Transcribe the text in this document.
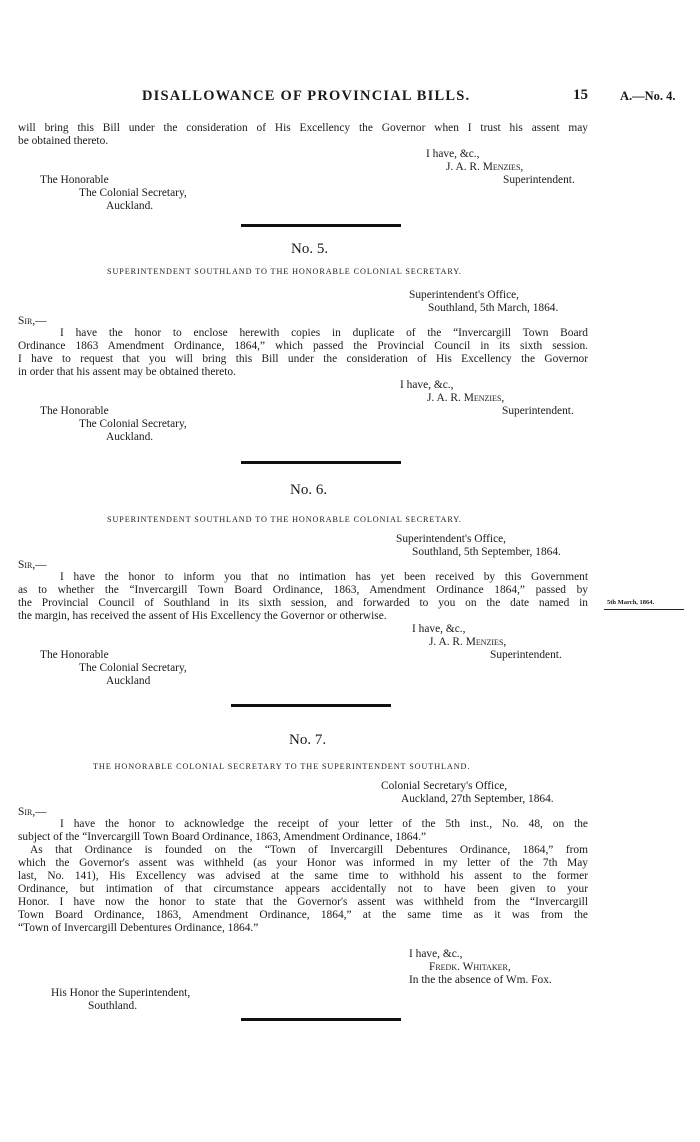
DISALLOWANCE OF PROVINCIAL BILLS.	15	A.—No. 4.
will bring this Bill under the consideration of His Excellency the Governor when I trust his assent may
be obtained thereto.
I have, &c.,
J. A. R. Menzies,
Superintendent.
The Honorable
The Colonial Secretary,
Auckland.
No. 5.
SUPERINTENDENT SOUTHLAND TO THE HONORABLE COLONIAL SECRETARY.
Superintendent's Office,
Southland, 5th March, 1864.
Sir,—
I have the honor to enclose herewith copies in duplicate of the “Invercargill Town Board
Ordinance 1863 Amendment Ordinance, 1864,” which passed the Provincial Council in its sixth session.
I have to request that you will bring this Bill under the consideration of His Excellency the Governor
in order that his assent may be obtained thereto.
I have, &c.,
J. A. R. Menzies,
Superintendent.
The Honorable
The Colonial Secretary,
Auckland.
No. 6.
SUPERINTENDENT SOUTHLAND TO THE HONORABLE COLONIAL SECRETARY.
Superintendent's Office,
Southland, 5th September, 1864.
Sir,—
I have the honor to inform you that no intimation has yet been received by this Government
as to whether the “Invercargill Town Board Ordinance, 1863, Amendment Ordinance 1864,” passed by
the Provincial Council of Southland in its sixth session, and forwarded to you on the date named in
the margin, has received the assent of His Excellency the Governor or otherwise.
5th March, 1864.
I have, &c.,
J. A. R. Menzies,
Superintendent.
The Honorable
The Colonial Secretary,
Auckland
No. 7.
THE HONORABLE COLONIAL SECRETARY TO THE SUPERINTENDENT SOUTHLAND.
Colonial Secretary's Office,
Auckland, 27th September, 1864.
Sir,—
I have the honor to acknowledge the receipt of your letter of the 5th inst., No. 48, on the
subject of the “Invercargill Town Board Ordinance, 1863, Amendment Ordinance, 1864.”
As that Ordinance is founded on the “Town of Invercargill Debentures Ordinance, 1864,” from
which the Governor's assent was withheld (as your Honor was informed in my letter of the 7th May
last, No. 141), His Excellency was advised at the same time to withhold his assent to the former
Ordinance, but intimation of that circumstance appears accidentally not to have been given to your
Honor. I have now the honor to state that the Governor's assent was withheld from the “Invercargill
Town Board Ordinance, 1863, Amendment Ordinance, 1864,” at the same time as it was from the
“Town of Invercargill Debentures Ordinance, 1864.”
I have, &c.,
Fredk. Whitaker,
In the the absence of Wm. Fox.
His Honor the Superintendent,
Southland.
